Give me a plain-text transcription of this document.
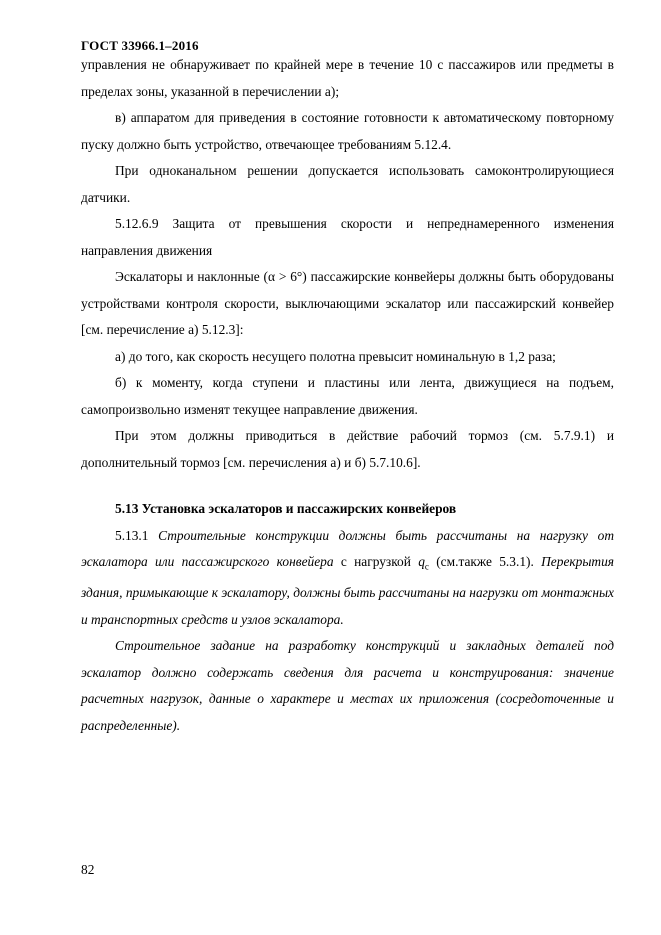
ГОСТ 33966.1–2016

управления не обнаруживает по крайней мере в течение 10 с пассажиров или предметы в пределах зоны, указанной в перечислении а);

в) аппаратом для приведения в состояние готовности к автоматическому повторному пуску должно быть устройство, отвечающее требованиям 5.12.4.

При одноканальном решении допускается использовать самоконтролирующиеся датчики.

5.12.6.9 Защита от превышения скорости и непреднамеренного изменения направления движения

Эскалаторы и наклонные (α > 6°) пассажирские конвейеры должны быть оборудованы устройствами контроля скорости, выключающими эскалатор или пассажирский конвейер [см. перечисление а) 5.12.3]:

а) до того, как скорость несущего полотна превысит номинальную в 1,2 раза;

б) к моменту, когда ступени и пластины или лента, движущиеся на подъем, самопроизвольно изменят текущее направление движения.

При этом должны приводиться в действие рабочий тормоз (см. 5.7.9.1) и дополнительный тормоз [см. перечисления а) и б) 5.7.10.6].

5.13 Установка эскалаторов и пассажирских конвейеров

5.13.1 Строительные конструкции должны быть рассчитаны на нагрузку от эскалатора или пассажирского конвейера с нагрузкой $q_c$ (см.также 5.3.1). Перекрытия здания, примыкающие к эскалатору, должны быть рассчитаны на нагрузки от монтажных и транспортных средств и узлов эскалатора.

Строительное задание на разработку конструкций и закладных деталей под эскалатор должно содержать сведения для расчета и конструирования: значение расчетных нагрузок, данные о характере и местах их приложения (сосредоточенные и распределенные).

82
